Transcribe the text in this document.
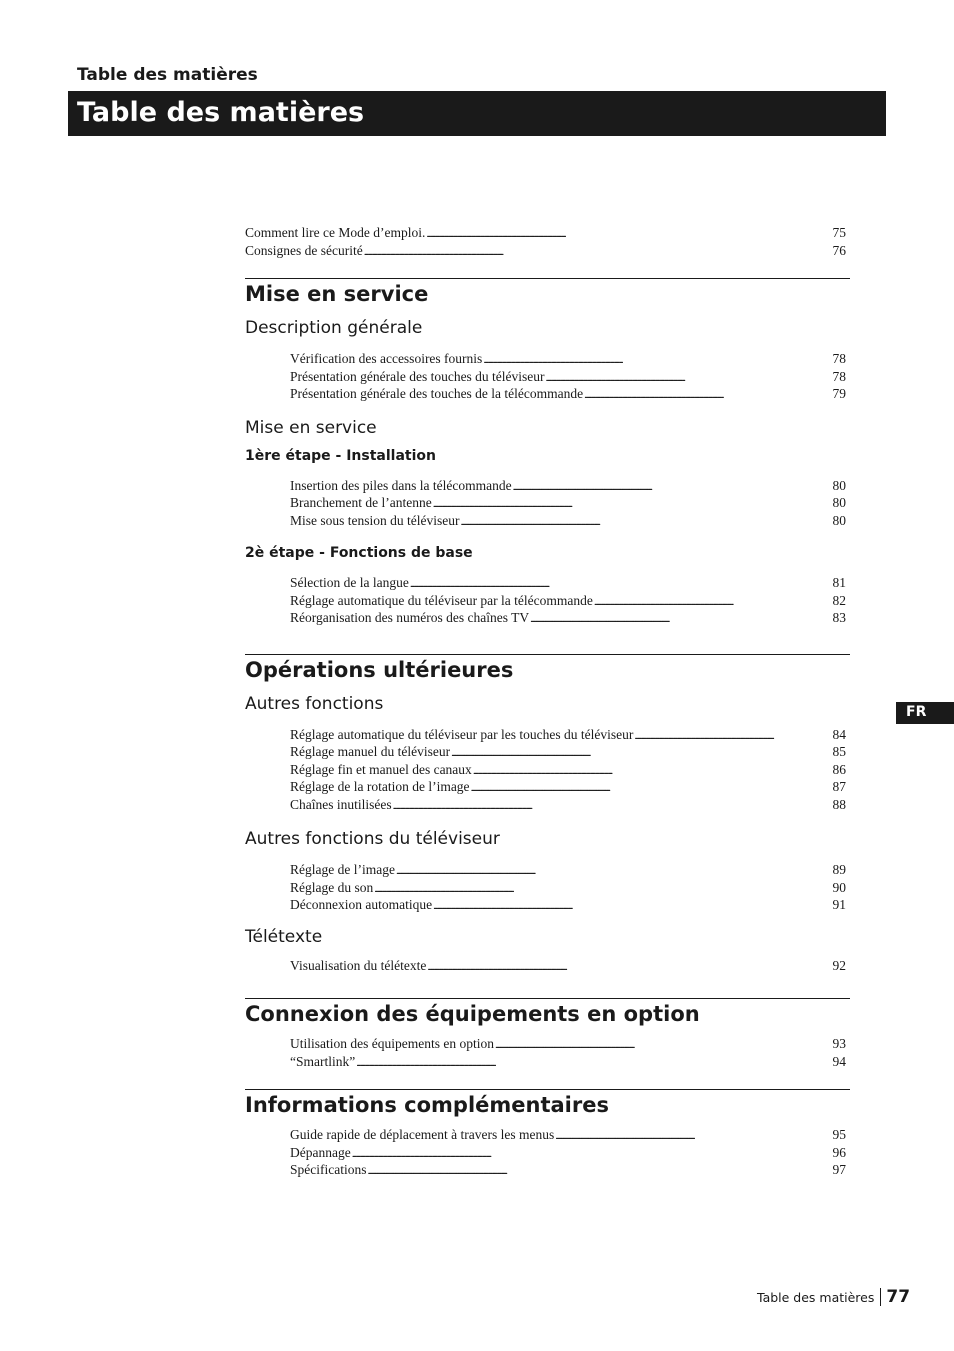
Table des matières
Table des matières
FR
Comment lire ce Mode d’emploi. . . .	75
Consignes de sécurité . . .	76
Mise en service
Description générale
Vérification des accessoires fournis . . .	78
Présentation générale des touches du téléviseur . . .	78
Présentation générale des touches de la télécommande . . .	79
Mise en service
1ère étape - Installation
Insertion des piles dans la télécommande . . .	80
Branchement de l’antenne . . .	80
Mise sous tension du téléviseur . . .	80
2è étape - Fonctions de base
Sélection de la langue . . .	81
Réglage automatique du téléviseur par la télécommande . . .	82
Réorganisation des numéros des chaînes TV . . .	83
Opérations ultérieures
Autres fonctions
Réglage automatique du téléviseur par les touches du téléviseur . . .	84
Réglage manuel du téléviseur . . .	85
Réglage fin et manuel des canaux . . .	86
Réglage de la rotation de l’image . . .	87
Chaînes inutilisées . . .	88
Autres fonctions du téléviseur
Réglage de l’image . . .	89
Réglage du son . . .	90
Déconnexion automatique . . .	91
Télétexte
Visualisation du télétexte . . .	92
Connexion des équipements en option
Utilisation des équipements en option . . .	93
“Smartlink” . . .	94
Informations complémentaires
Guide rapide de déplacement à travers les menus . . .	95
Dépannage . . .	96
Spécifications . . .	97
Table des matières 77
